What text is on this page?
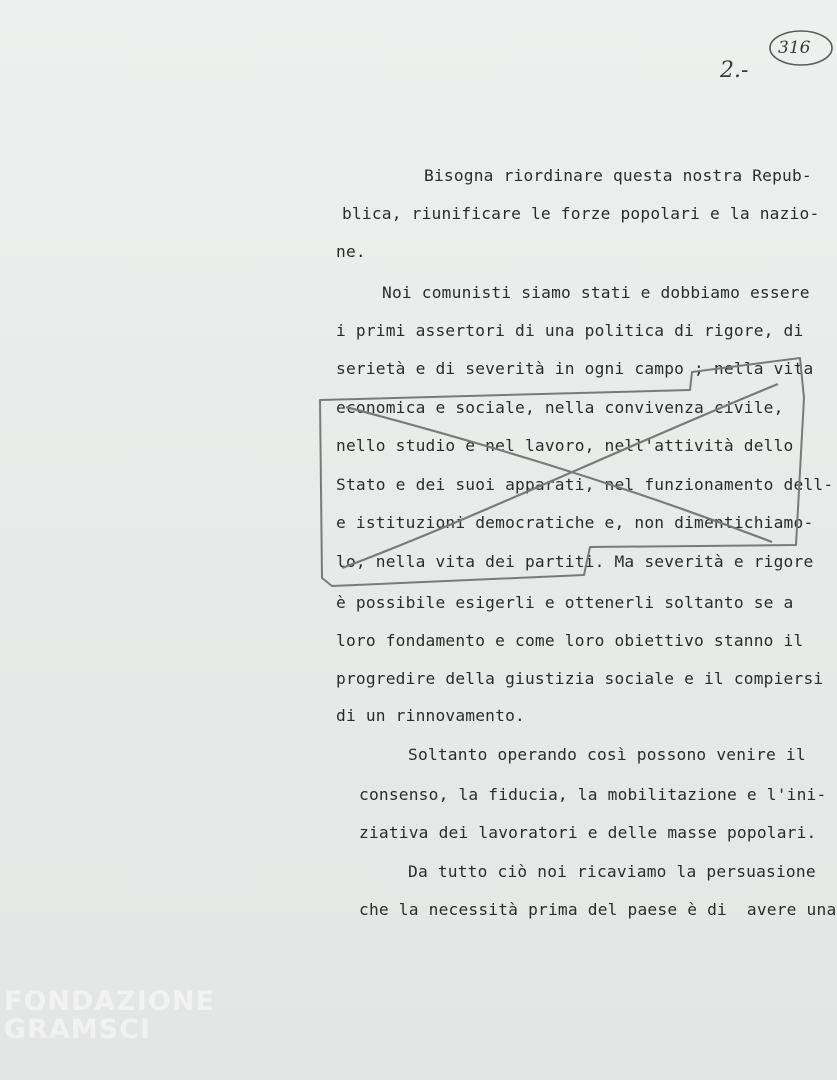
2.-
316
Bisogna riordinare questa nostra Repub-
blica, riunificare le forze popolari e la nazio-
ne.
Noi comunisti siamo stati e dobbiamo essere
i primi assertori di una politica di rigore, di
serietà e di severità in ogni campo ; nella vita
economica e sociale, nella convivenza civile,
nello studio e nel lavoro, nell'attività dello
Stato e dei suoi apparati, nel funzionamento dell-
e istituzioni democratiche e, non dimentichiamo-
lo, nella vita dei partiti. Ma severità e rigore
è possibile esigerli e ottenerli soltanto se a
loro fondamento e come loro obiettivo stanno il
progredire della giustizia sociale e il compiersi
di un rinnovamento.
Soltanto operando così possono venire il
consenso, la fiducia, la mobilitazione e l'ini-
ziativa dei lavoratori e delle masse popolari.
Da tutto ciò noi ricaviamo la persuasione
che la necessità prima del paese è di  avere una
FONDAZIONE
GRAMSCI
